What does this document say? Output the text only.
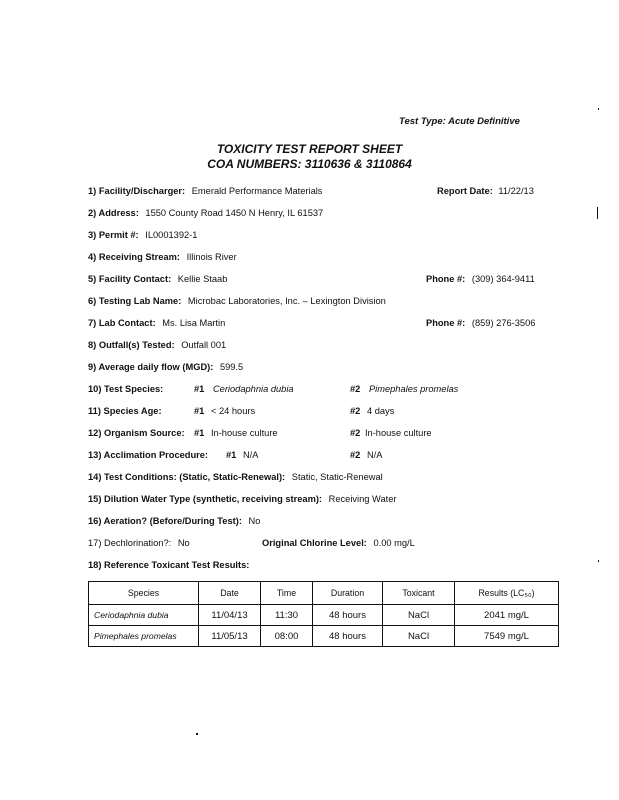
Test Type: Acute Definitive
TOXICITY TEST REPORT SHEET
COA NUMBERS: 3110636 & 3110864
1) Facility/Discharger: Emerald Performance Materials	Report Date: 11/22/13
2) Address: 1550 County Road 1450 N Henry, IL 61537
3) Permit #: IL0001392-1
4) Receiving Stream: Illinois River
5) Facility Contact: Kellie Staab	Phone #: (309) 364-9411
6) Testing Lab Name: Microbac Laboratories, Inc. – Lexington Division
7) Lab Contact: Ms. Lisa Martin	Phone #: (859) 276-3506
8) Outfall(s) Tested: Outfall 001
9) Average daily flow (MGD): 599.5
10) Test Species:	#1 Ceriodaphnia dubia	#2 Pimephales promelas
11) Species Age:	#1 < 24 hours	#2 4 days
12) Organism Source: #1 In-house culture	#2 In-house culture
13) Acclimation Procedure: #1 N/A	#2 N/A
14) Test Conditions: (Static, Static-Renewal): Static, Static-Renewal
15) Dilution Water Type (synthetic, receiving stream): Receiving Water
16) Aeration? (Before/During Test): No
17) Dechlorination?: No	Original Chlorine Level: 0.00 mg/L
18) Reference Toxicant Test Results:
Species	Date	Time	Duration	Toxicant	Results (LC₅₀)
Ceriodaphnia dubia	11/04/13	11:30	48 hours	NaCl	2041 mg/L
Pimephales promelas	11/05/13	08:00	48 hours	NaCl	7549 mg/L
